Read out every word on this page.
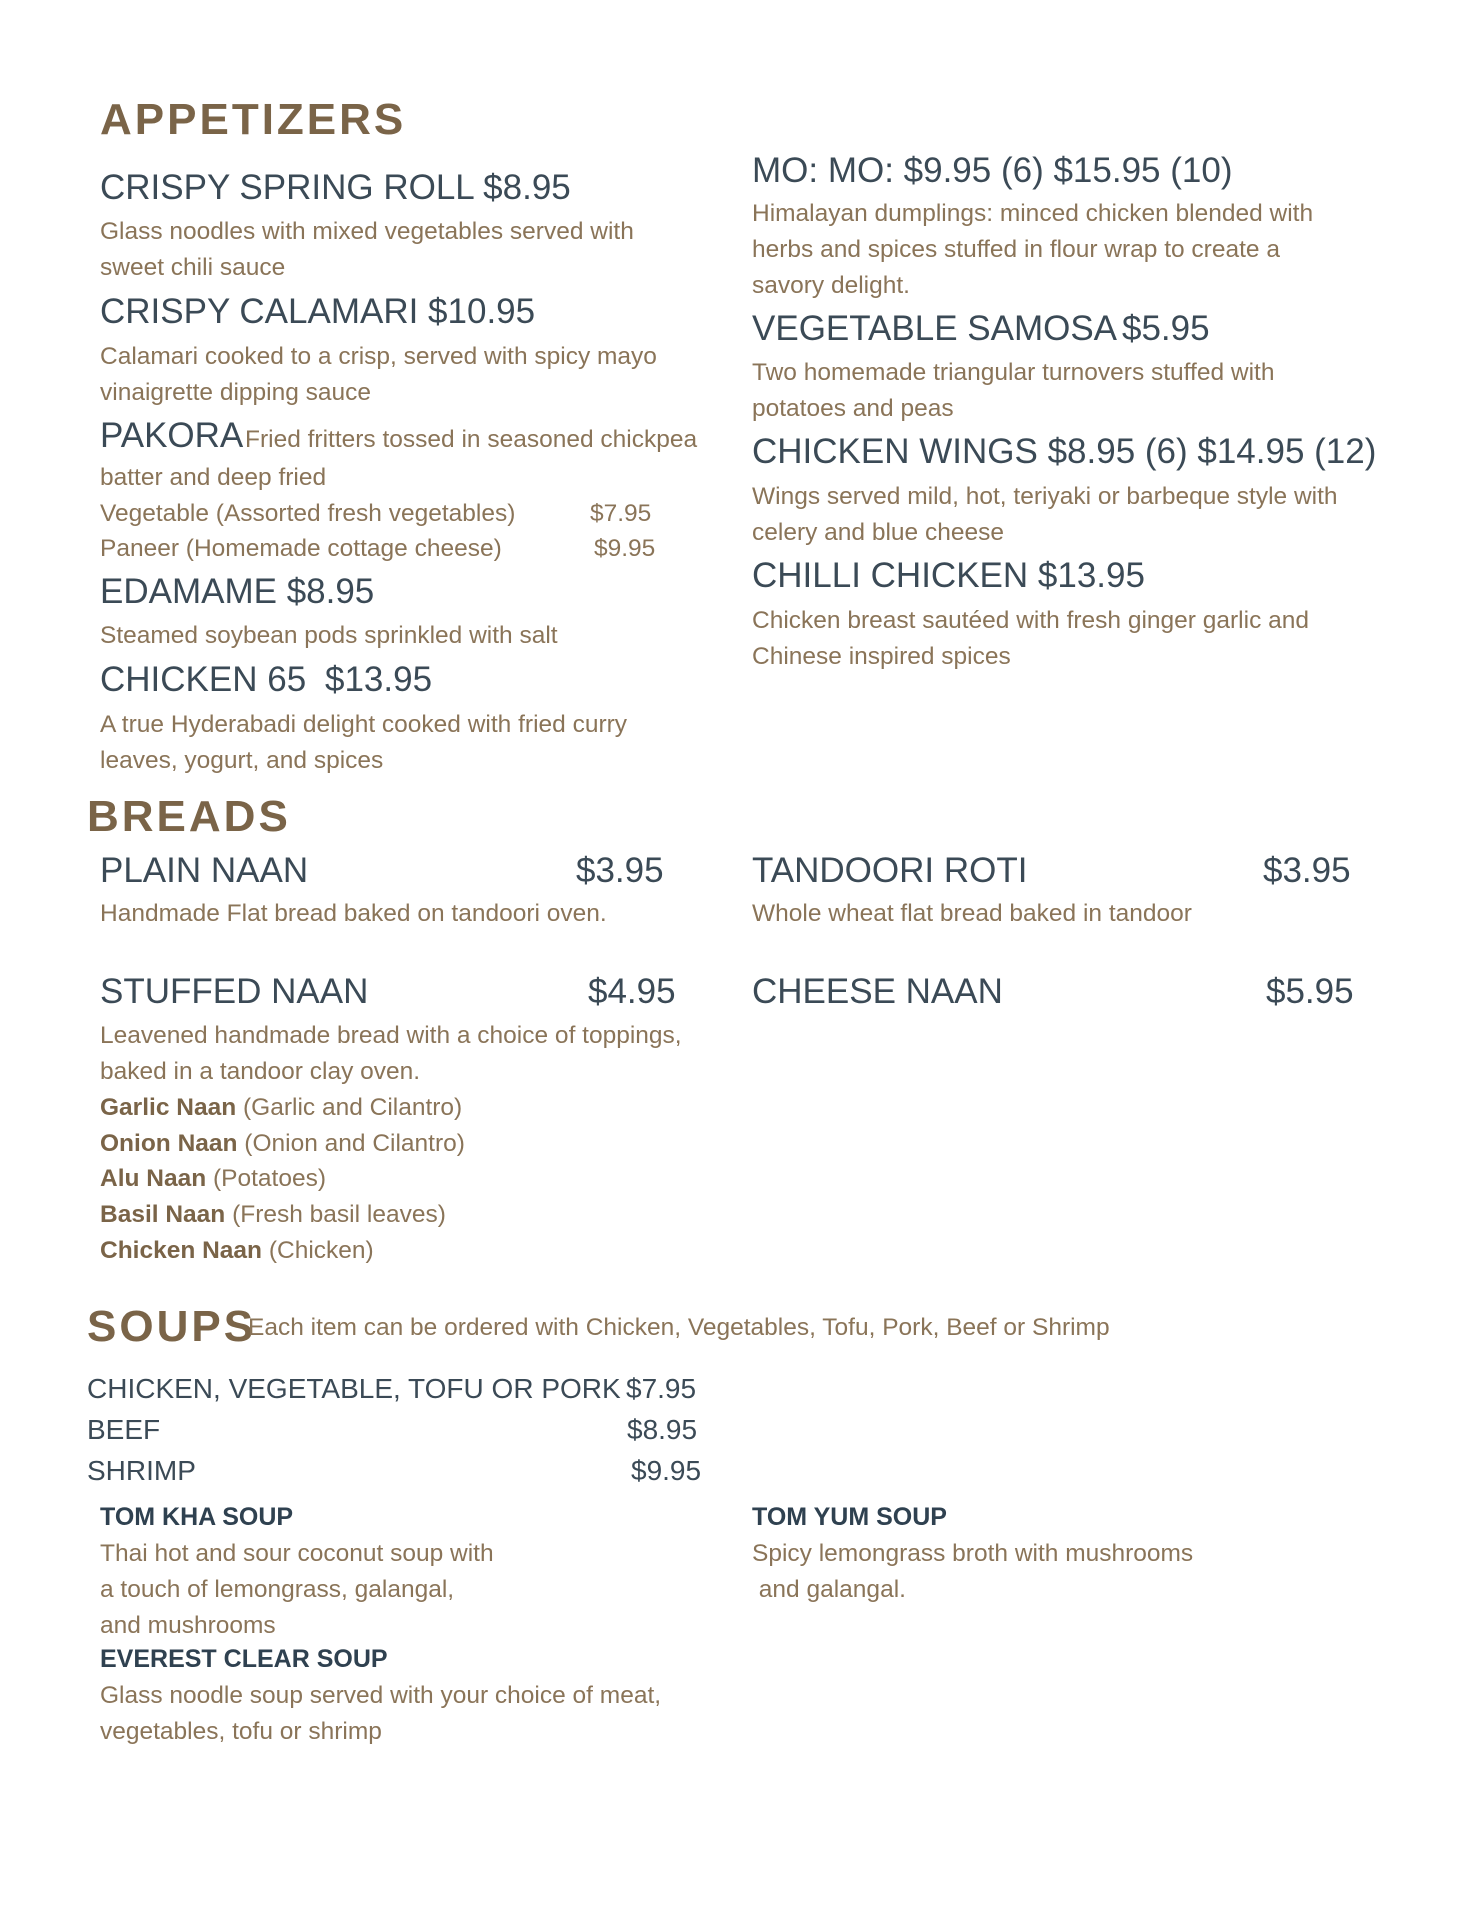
APPETIZERS
CRISPY SPRING ROLL $8.95
Glass noodles with mixed vegetables served with
sweet chili sauce
CRISPY CALAMARI $10.95
Calamari cooked to a crisp, served with spicy mayo
vinaigrette dipping sauce
PAKORA Fried fritters tossed in seasoned chickpea
batter and deep fried
Vegetable (Assorted fresh vegetables)	$7.95
Paneer (Homemade cottage cheese)	$9.95
EDAMAME $8.95
Steamed soybean pods sprinkled with salt
CHICKEN 65 $13.95
A true Hyderabadi delight cooked with fried curry
leaves, yogurt, and spices
MO: MO: $9.95 (6) $15.95 (10)
Himalayan dumplings: minced chicken blended with
herbs and spices stuffed in flour wrap to create a
savory delight.
VEGETABLE SAMOSA $5.95
Two homemade triangular turnovers stuffed with
potatoes and peas
CHICKEN WINGS $8.95 (6) $14.95 (12)
Wings served mild, hot, teriyaki or barbeque style with
celery and blue cheese
CHILLI CHICKEN $13.95
Chicken breast sautéed with fresh ginger garlic and
Chinese inspired spices
BREADS
PLAIN NAAN	$3.95
Handmade Flat bread baked on tandoori oven.
TANDOORI ROTI	$3.95
Whole wheat flat bread baked in tandoor
STUFFED NAAN	$4.95
Leavened handmade bread with a choice of toppings,
baked in a tandoor clay oven.
Garlic Naan (Garlic and Cilantro)
Onion Naan (Onion and Cilantro)
Alu Naan (Potatoes)
Basil Naan (Fresh basil leaves)
Chicken Naan (Chicken)
CHEESE NAAN	$5.95
SOUPS
Each item can be ordered with Chicken, Vegetables, Tofu, Pork, Beef or Shrimp
CHICKEN, VEGETABLE, TOFU OR PORK $7.95
BEEF	$8.95
SHRIMP	$9.95
TOM KHA SOUP
Thai hot and sour coconut soup with
a touch of lemongrass, galangal,
and mushrooms
TOM YUM SOUP
Spicy lemongrass broth with mushrooms
and galangal.
EVEREST CLEAR SOUP
Glass noodle soup served with your choice of meat,
vegetables, tofu or shrimp
